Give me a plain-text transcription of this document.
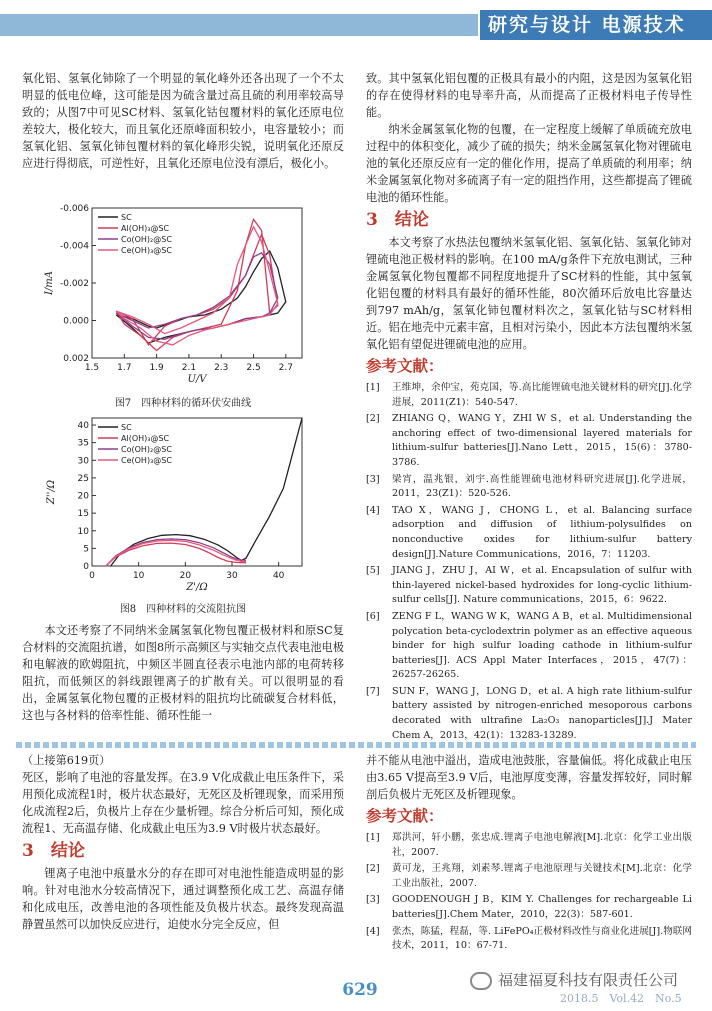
研究与设计 电源技术

氧化铝、氢氧化铈除了一个明显的氧化峰外还各出现了一个不太明显的低电位峰，这可能是因为硫含量过高且硫的利用率较高导致的；从图7中可见SC材料、氢氧化钴包覆材料的氧化还原电位差较大，极化较大，而且氧化还原峰面积较小，电容量较小；而氢氧化铝、氢氧化铈包覆材料的氧化峰形尖锐，说明氧化还原反应进行得彻底，可逆性好，且氧化还原电位没有漂后，极化小。

1.5 1.7 1.9 2.1 2.3 2.5 2.7
-0.006
-0.004
-0.002
0.000
0.002
U/V
I/mA
SC
Al(OH)₃@SC
Co(OH)₂@SC
Ce(OH)₃@SC
图7　四种材料的循环伏安曲线
0	10	20	30	40
0
5
10
15
20
25
30
35
40
Z'/Ω
Z''/Ω
SC
Al(OH)₃@SC
Co(OH)₂@SC
Ce(OH)₃@SC
图8　四种材料的交流阻抗图

本文还考察了不同纳米金属氢氧化物包覆正极材料和原SC复合材料的交流阻抗谱，如图8所示高频区与实轴交点代表电池电极和电解液的欧姆阻抗，中频区半圆直径表示电池内部的电荷转移阻抗，而低频区的斜线跟锂离子的扩散有关。可以很明显的看出，金属氢氧化物包覆的正极材料的阻抗均比硫碳复合材料低，这也与各材料的倍率性能、循环性能一

致。其中氢氧化铝包覆的正极具有最小的内阻，这是因为氢氧化铝的存在使得材料的电导率升高，从而提高了正极材料电子传导性能。

纳米金属氢氧化物的包覆，在一定程度上缓解了单质硫充放电过程中的体积变化，减少了硫的损失；纳米金属氢氧化物对锂硫电池的氧化还原反应有一定的催化作用，提高了单质硫的利用率；纳米金属氢氧化物对多硫离子有一定的阻挡作用，这些都提高了锂硫电池的循环性能。

3　结论

本文考察了水热法包覆纳米氢氧化铝、氢氧化钴、氢氧化铈对锂硫电池正极材料的影响。在100 mA/g条件下充放电测试，三种金属氢氧化物包覆都不同程度地提升了SC材料的性能，其中氢氧化铝包覆的材料具有最好的循环性能，80次循环后放电比容量达到797 mAh/g，氢氧化铈包覆材料次之，氢氧化钴与SC材料相近。铝在地壳中元素丰富，且相对污染小，因此本方法包覆纳米氢氧化铝有望促进锂硫电池的应用。

参考文献：
[1]	王维坤，余仲宝，苑克国，等.高比能锂硫电池关键材料的研究[J].化学进展，2011(Z1)：540-547.
[2]	ZHIANG Q，WANG Y，ZHI W S，et al. Understanding the anchoring effect of two-dimensional layered materials for lithium-sulfur batteries[J].Nano Lett，2015，15(6)：3780-3786.
[3]	梁宵，温兆银，刘宇.高性能锂硫电池材料研究进展[J].化学进展，2011，23(Z1)：520-526.
[4]	TAO X，WANG J，CHONG L，et al. Balancing surface adsorption and diffusion of lithium-polysulfides on nonconductive oxides for lithium-sulfur battery design[J].Nature Communications，2016，7：11203.
[5]	JIANG J，ZHU J，AI W，et al. Encapsulation of sulfur with thin-layered nickel-based hydroxides for long-cyclic lithium-sulfur cells[J]. Nature communications，2015，6：9622.
[6]	ZENG F L，WANG W K，WANG A B，et al. Multidimensional polycation beta-cyclodextrin polymer as an effective aqueous binder for high sulfur loading cathode in lithium-sulfur batteries[J]. ACS Appl Mater Interfaces，2015，47(7)：26257-26265.
[7]	SUN F，WANG J，LONG D，et al. A high rate lithium-sulfur battery assisted by nitrogen-enriched mesoporous carbons decorated with ultrafine La₂O₃ nanoparticles[J].J Mater Chem A，2013，42(1)：13283-13289.

（上接第619页）

死区，影响了电池的容量发挥。在3.9 V化成截止电压条件下，采用预化成流程1时，极片状态最好，无死区及析锂现象，而采用预化成流程2后，负极片上存在少量析锂。综合分析后可知，预化成流程1、无高温存储、化成截止电压为3.9 V时极片状态最好。

3　结论

锂离子电池中痕量水分的存在即可对电池性能造成明显的影响。针对电池水分较高情况下，通过调整预化成工艺、高温存储和化成电压，改善电池的各项性能及负极片状态。最终发现高温静置虽然可以加快反应进行，迫使水分完全反应，但

并不能从电池中溢出，造成电池鼓胀，容量偏低。将化成截止电压由3.65 V提高至3.9 V后，电池厚度变薄，容量发挥较好，同时解剖后负极片无死区及析锂现象。

参考文献：
[1]	郑洪河，轩小鹏，张忠成.锂离子电池电解液[M].北京：化学工业出版社，2007.
[2]	黄可龙，王兆翔，刘素琴.锂离子电池原理与关键技术[M].北京：化学工业出版社，2007.
[3]	GOODENOUGH J B，KIM Y. Challenges for rechargeable Li batteries[J].Chem Mater，2010，22(3)：587-601.
[4]	张杰，陈猛，程磊，等. LiFePO₄正极材料改性与商业化进展[J].物联网技术，2011，10：67-71.
福建福夏科技有限责任公司
629	2018.5　Vol.42　No.5
